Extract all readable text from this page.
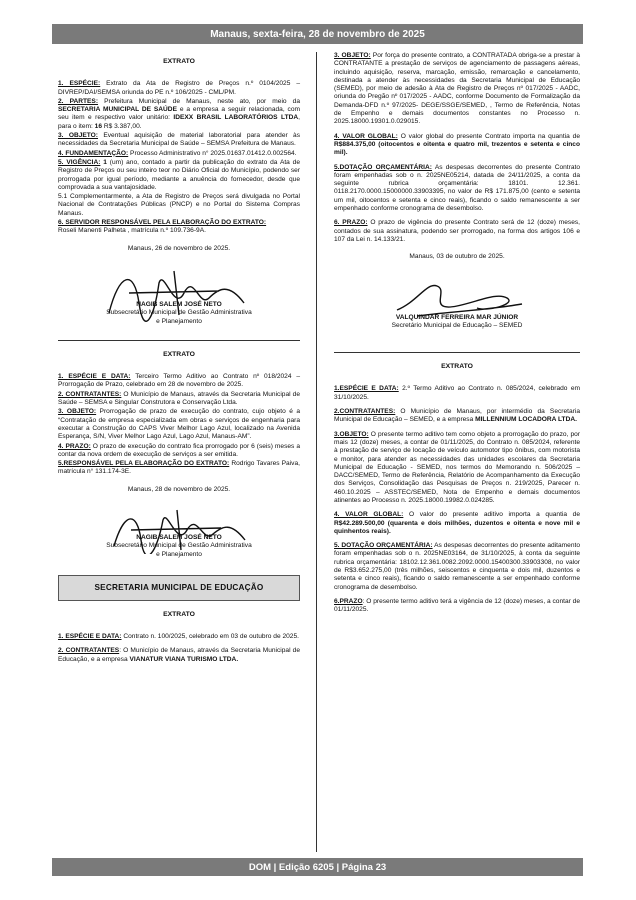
Manaus, sexta-feira, 28 de novembro de 2025
EXTRATO

1. ESPÉCIE: Extrato da Ata de Registro de Preços n.º 0104/2025 – DIVREP/DAI/SEMSA oriunda do PE n.º 106/2025 - CML/PM.

2. PARTES: Prefeitura Municipal de Manaus, neste ato, por meio da SECRETARIA MUNICIPAL DE SAÚDE e a empresa a seguir relacionada, com seu item e respectivo valor unitário: IDEXX BRASIL LABORATÓRIOS LTDA, para o item: 16 R$ 3.387,00.

3. OBJETO: Eventual aquisição de material laboratorial para atender às necessidades da Secretaria Municipal de Saúde – SEMSA Prefeitura de Manaus.

4. FUNDAMENTAÇÃO: Processo Administrativo n° 2025.01637.01412.0.002564.

5. VIGÊNCIA: 1 (um) ano, contado a partir da publicação do extrato da Ata de Registro de Preços ou seu inteiro teor no Diário Oficial do Município, podendo ser prorrogada por igual período, mediante a anuência do fornecedor, desde que comprovada a sua vantajosidade.

5.1 Complementarmente, a Ata de Registro de Preços será divulgada no Portal Nacional de Contratações Públicas (PNCP) e no Portal do Sistema Compras Manaus.

6. SERVIDOR RESPONSÁVEL PELA ELABORAÇÃO DO EXTRATO:
Roseli Manenti Palheta , matrícula n.º 109.736-9A.

Manaus, 26 de novembro de 2025.

NAGIB SALEM JOSÉ NETO
Subsecretário Municipal de Gestão Administrativa
e Planejamento
EXTRATO

1. ESPÉCIE E DATA: Terceiro Termo Aditivo ao Contrato nº 018/2024 – Prorrogação de Prazo, celebrado em 28 de novembro de 2025.

2. CONTRATANTES: O Município de Manaus, através da Secretaria Municipal de Saúde – SEMSA e Singular Construtora e Conservação Ltda.

3. OBJETO: Prorrogação de prazo de execução do contrato, cujo objeto é a “Contratação de empresa especializada em obras e serviços de engenharia para executar a Construção do CAPS Viver Melhor Lago Azul, localizado na Avenida Esperança, S/N, Viver Melhor Lago Azul, Lago Azul, Manaus-AM”.

4. PRAZO: O prazo de execução do contrato fica prorrogado por 6 (seis) meses a contar da nova ordem de execução de serviços a ser emitida.

5.RESPONSÁVEL PELA ELABORAÇÃO DO EXTRATO: Rodrigo Tavares Paiva, matrícula n° 131.174-3E.

Manaus, 28 de novembro de 2025.

NAGIB SALEM JOSÉ NETO
Subsecretário Municipal de Gestão Administrativa
e Planejamento
SECRETARIA MUNICIPAL DE EDUCAÇÃO
EXTRATO

1. ESPÉCIE E DATA: Contrato n. 100/2025, celebrado em 03 de outubro de 2025.

2. CONTRATANTES: O Município de Manaus, através da Secretaria Municipal de Educação, e a empresa VIANATUR VIANA TURISMO LTDA.

3. OBJETO: Por força do presente contrato, a CONTRATADA obriga-se a prestar à CONTRATANTE a prestação de serviços de agenciamento de passagens aéreas, incluindo aquisição, reserva, marcação, emissão, remarcação e cancelamento, destinada a atender às necessidades da Secretaria Municipal de Educação (SEMED), por meio de adesão à Ata de Registro de Preços nº 017/2025 - AADC, oriunda do Pregão nº 017/2025 - AADC, conforme Documento de Formalização da Demanda-DFD n.º 97/2025- DEGE/SSGE/SEMED, , Termo de Referência, Notas de Empenho e demais documentos constantes no Processo n. 2025.18000.19301.0.029015.

4. VALOR GLOBAL: O valor global do presente Contrato importa na quantia de R$884.375,00 (oitocentos e oitenta e quatro mil, trezentos e setenta e cinco mil).

5.DOTAÇÃO ORÇAMENTÁRIA: As despesas decorrentes do presente Contrato foram empenhadas sob o n. 2025NE05214, datada de 24/11/2025, a conta da seguinte rubrica orçamentária: 18101. 12.361. 0118.2170.0000.15000000.33903395, no valor de R$ 171.875,00 (cento e setenta um mil, oitocentos e setenta e cinco reais), ficando o saldo remanescente a ser empenhado conforme cronograma de desembolso.

6. PRAZO: O prazo de vigência do presente Contrato será de 12 (doze) meses, contados de sua assinatura, podendo ser prorrogado, na forma dos artigos 106 e 107 da Lei n. 14.133/21.

Manaus, 03 de outubro de 2025.

VALQUINDAR FERREIRA MAR JÚNIOR
Secretário Municipal de Educação – SEMED
EXTRATO

1.ESPÉCIE E DATA: 2.º Termo Aditivo ao Contrato n. 085/2024, celebrado em 31/10/2025.

2.CONTRATANTES: O Município de Manaus, por intermédio da Secretaria Municipal de Educação – SEMED, e a empresa MILLENNIUM LOCADORA LTDA.

3.OBJETO: O presente termo aditivo tem como objeto a prorrogação do prazo, por mais 12 (doze) meses, a contar de 01/11/2025, do Contrato n. 085/2024, referente à prestação de serviço de locação de veículo automotor tipo ônibus, com motorista e monitor, para atender as necessidades das unidades escolares da Secretaria Municipal de Educação - SEMED, nos termos do Memorando n. 506/2025 – DACC/SEMED, Termo de Referência, Relatório de Acompanhamento da Execução dos Serviços, Consolidação das Pesquisas de Preços n. 219/2025, Parecer n. 460.10.2025 – ASSTEC/SEMED, Nota de Empenho e demais documentos atinentes ao Processo n. 2025.18000.19982.0.024285.

4. VALOR GLOBAL: O valor do presente aditivo importa a quantia de R$42.289.500,00 (quarenta e dois milhões, duzentos e oitenta e nove mil e quinhentos reais).

5. DOTAÇÃO ORÇAMENTÁRIA: As despesas decorrentes do presente aditamento foram empenhadas sob o n. 2025NE03164, de 31/10/2025, à conta da seguinte rubrica orçamentária: 18102.12.361.0082.2092.0000.15400300.33903308, no valor de R$3.652.275,00 (três milhões, seiscentos e cinquenta e dois mil, duzentos e setenta e cinco reais), ficando o saldo remanescente a ser empenhado conforme cronograma de desembolso.

6.PRAZO: O presente termo aditivo terá a vigência de 12 (doze) meses, a contar de 01/11/2025.

DOM | Edição 6205 | Página 23
